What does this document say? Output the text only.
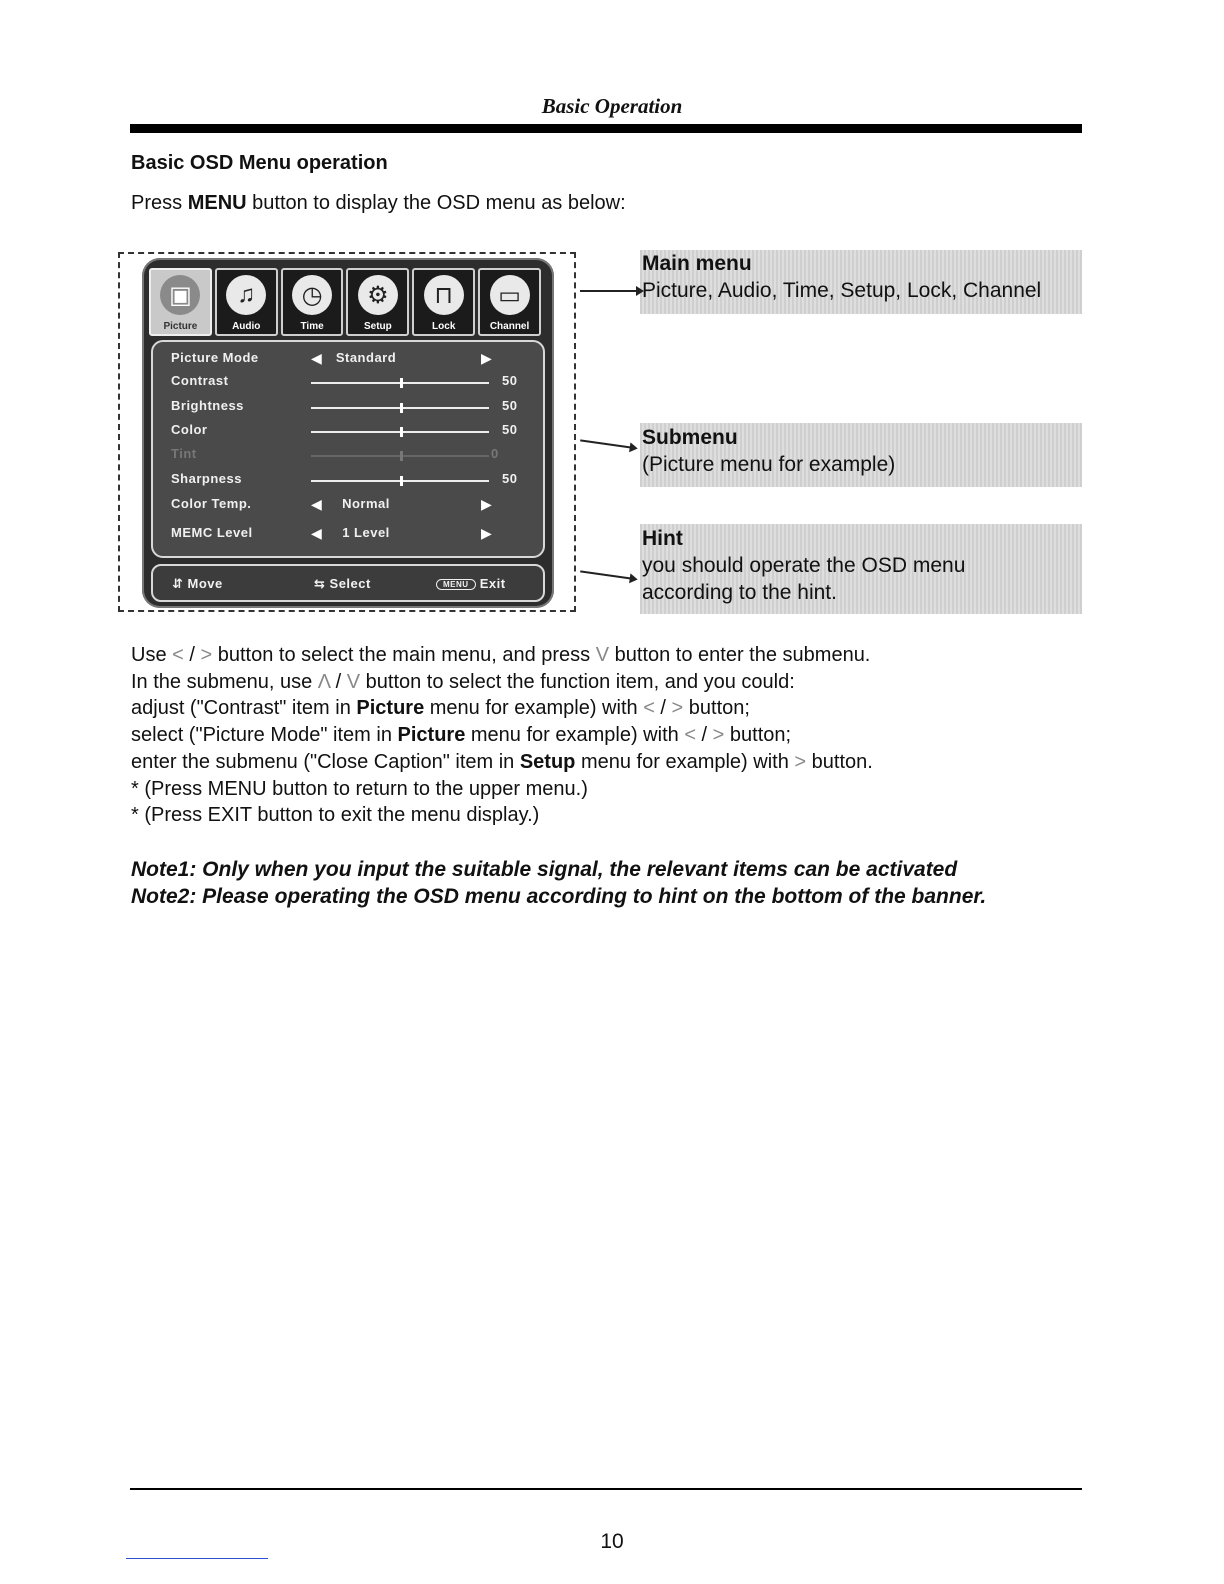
Basic Operation
Basic OSD Menu operation
Press MENU button to display the OSD menu as below:
▣
Picture
♫
Audio
◷
Time
⚙
Setup
⊓
Lock
▭
Channel
Picture Mode	◀	Standard	▶
Contrast	50
Brightness	50
Color	50
Tint	0
Sharpness	50
Color Temp.	◀	Normal	▶
MEMC Level	◀	1 Level	▶
⇵ Move	⇆ Select	MENU Exit
Main menu
Picture, Audio, Time, Setup, Lock, Channel
Submenu
(Picture menu for example)
Hint
you should operate the OSD menu
according to the hint.

Use < / > button to select the main menu, and press V button to enter the submenu.

In the submenu, use Λ / V button to select the function item, and you could:

adjust ("Contrast" item in Picture menu for example) with < / > button;

select ("Picture Mode" item in Picture menu for example) with < / > button;

enter the submenu ("Close Caption" item in Setup menu for example) with > button.

* (Press MENU button to return to the upper menu.)

* (Press EXIT button to exit the menu display.)

Note1: Only when you input the suitable signal, the relevant items can be activated

Note2: Please operating the OSD menu according to hint on the bottom of the banner.

10
